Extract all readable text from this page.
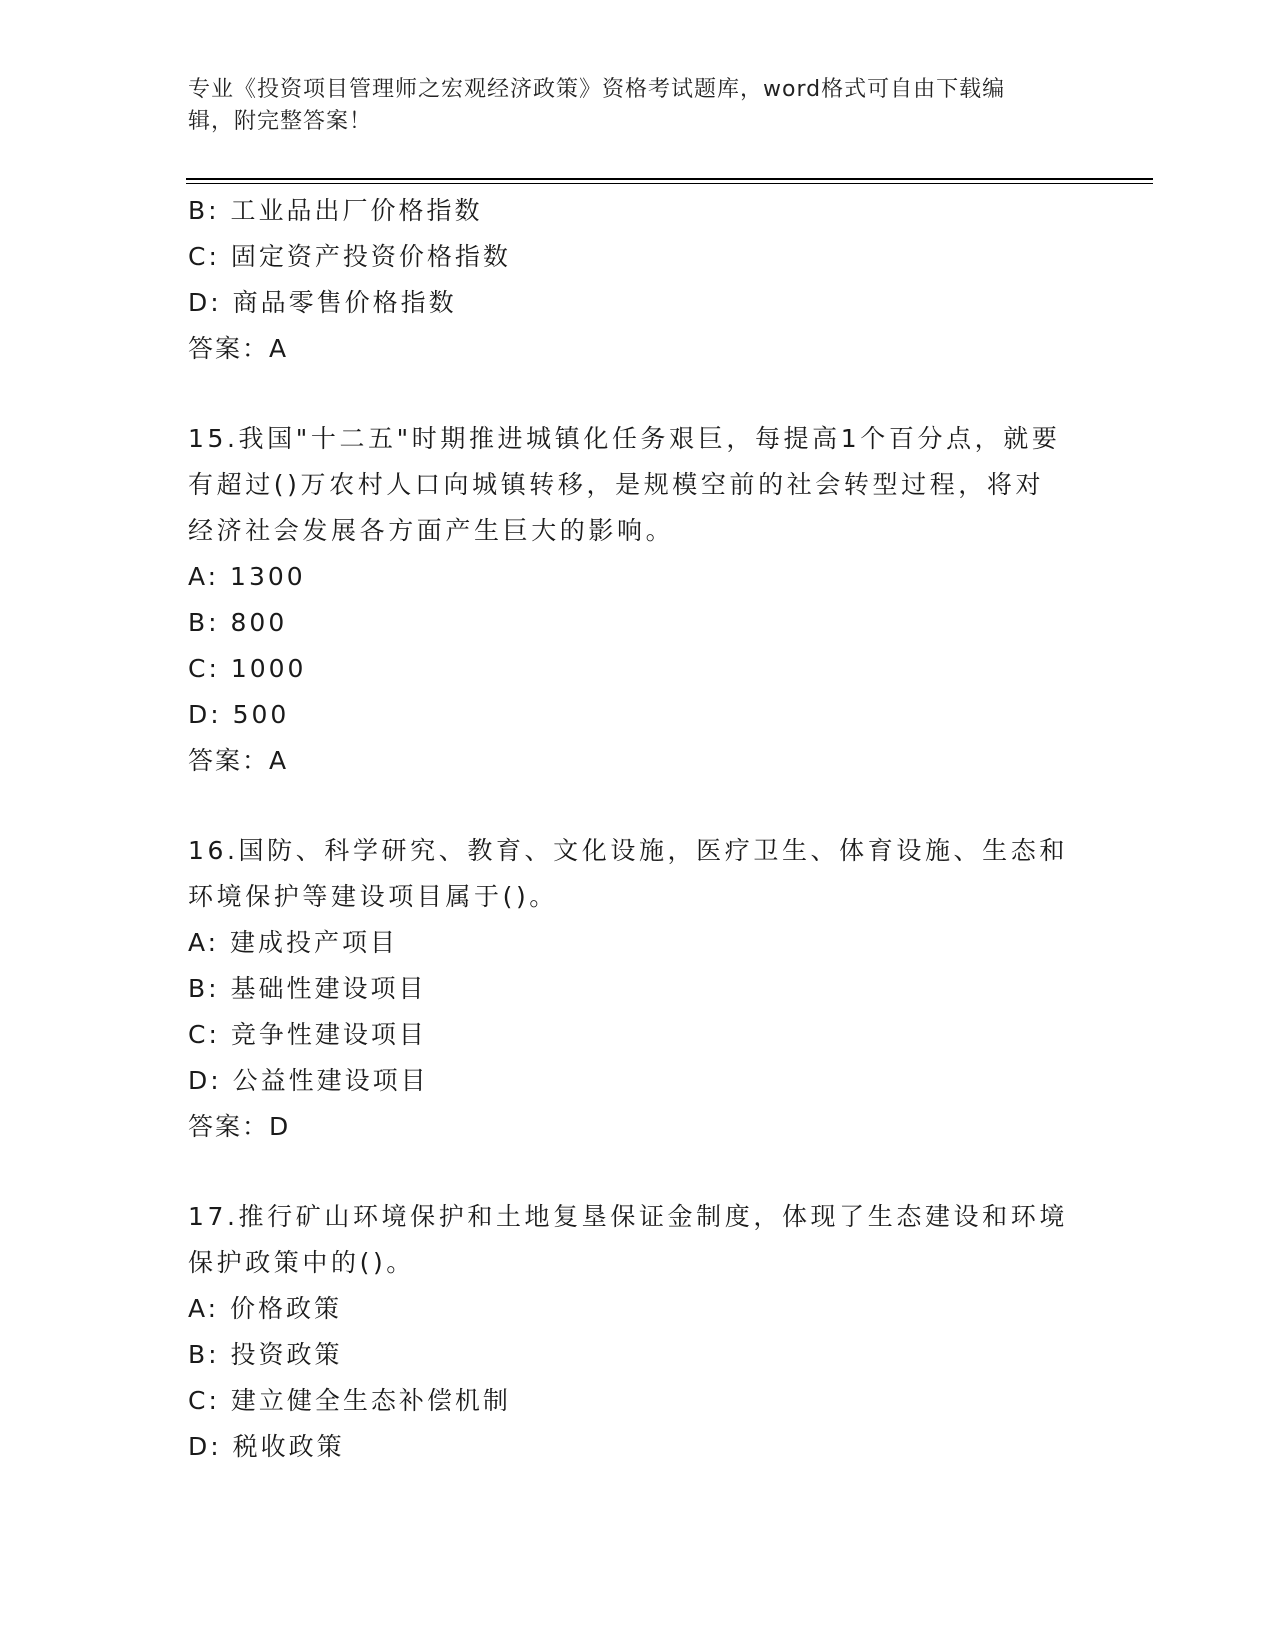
专业《投资项目管理师之宏观经济政策》资格考试题库，word格式可自由下载编
辑，附完整答案！
B: 工业品出厂价格指数
C: 固定资产投资价格指数
D: 商品零售价格指数
答案：A
15.我国"十二五"时期推进城镇化任务艰巨，每提高1个百分点，就要
有超过()万农村人口向城镇转移，是规模空前的社会转型过程，将对
经济社会发展各方面产生巨大的影响。
A: 1300
B: 800
C: 1000
D: 500
答案：A
16.国防、科学研究、教育、文化设施，医疗卫生、体育设施、生态和
环境保护等建设项目属于()。
A: 建成投产项目
B: 基础性建设项目
C: 竞争性建设项目
D: 公益性建设项目
答案：D
17.推行矿山环境保护和土地复垦保证金制度，体现了生态建设和环境
保护政策中的()。
A: 价格政策
B: 投资政策
C: 建立健全生态补偿机制
D: 税收政策
